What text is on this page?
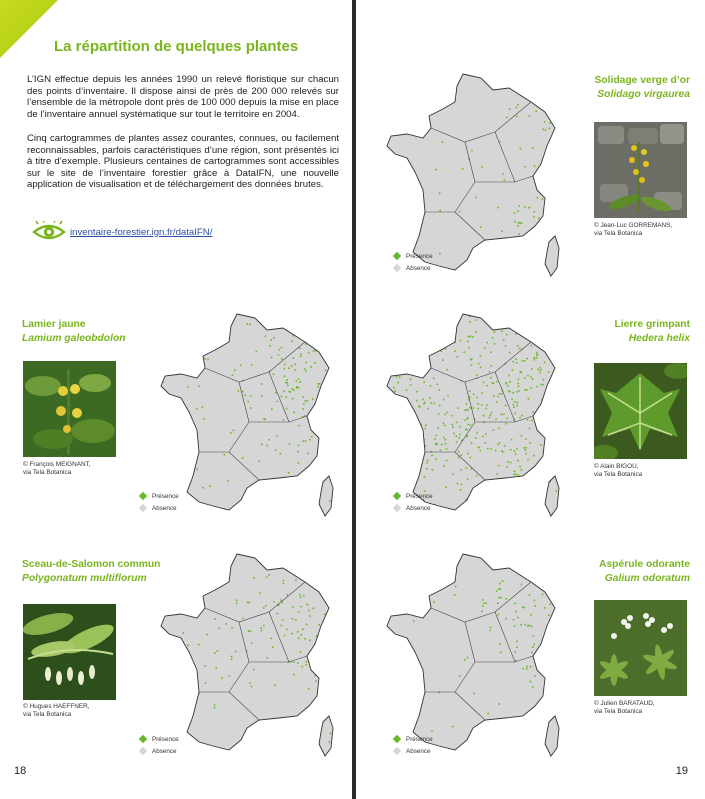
La répartition de quelques plantes
L’IGN effectue depuis les années 1990 un relevé floristique sur chacun des points d’inventaire. Il dispose ainsi de près de 200 000 relevés sur l’ensemble de la métropole dont près de 100 000 depuis la mise en place de l’inventaire annuel systématique sur tout le territoire en 2004.
Cinq cartogrammes de plantes assez courantes, connues, ou facilement reconnaissables, parfois caractéristiques d’une région, sont présentés ici à titre d’exemple. Plusieurs centaines de cartogrammes sont accessibles sur le site de l’inventaire forestier grâce à DataIFN, une nouvelle application de visualisation et de téléchargement des données brutes.
inventaire-forestier.ign.fr/dataIFN/
Lamier jaune
Lamium galeobdolon
© François MEIGNANT,
via Tela Botanica
Présence
Absence
Sceau-de-Salomon commun
Polygonatum multiflorum
© Hugues HAEFFNER,
via Tela Botanica
Présence
Absence
18
Solidage verge d’or
Solidago virgaurea
© Jean-Luc GORREMANS,
via Tela Botanica
Présence
Absence
Lierre grimpant
Hedera helix
© Alain BIGOU,
via Tela Botanica
Présence
Absence
Aspérule odorante
Galium odoratum
© Julien BARATAUD,
via Tela Botanica
Présence
Absence
19
